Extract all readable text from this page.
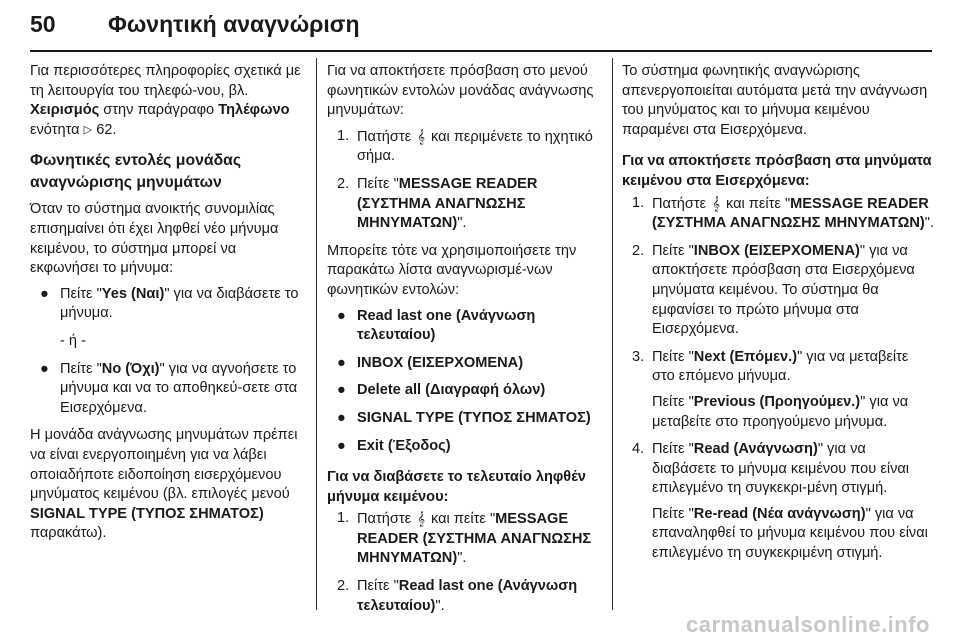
50	Φωνητική αναγνώριση

Για περισσότερες πληροφορίες σχετικά με τη λειτουργία του τηλεφώ-νου, βλ. Χειρισμός στην παράγραφο Τηλέφωνο ενότητα ▷ 62.

Φωνητικές εντολές μονάδας αναγνώρισης μηνυμάτων

Όταν το σύστημα ανοικτής συνομιλίας επισημαίνει ότι έχει ληφθεί νέο μήνυμα κειμένου, το σύστημα μπορεί να εκφωνήσει το μήνυμα:

● Πείτε "Yes (Ναι)" για να διαβάσετε το μήνυμα.
- ή -
● Πείτε "No (Όχι)" για να αγνοήσετε το μήνυμα και να το αποθηκεύ-σετε στα Εισερχόμενα.

Η μονάδα ανάγνωσης μηνυμάτων πρέπει να είναι ενεργοποιημένη για να λάβει οποιαδήποτε ειδοποίηση εισερχόμενου μηνύματος κειμένου (βλ. επιλογές μενού SIGNAL TYPE (ΤΥΠΟΣ ΣΗΜΑΤΟΣ) παρακάτω).

Για να αποκτήσετε πρόσβαση στο μενού φωνητικών εντολών μονάδας ανάγνωσης μηνυμάτων:

1. Πατήστε 𝄞 και περιμένετε το ηχητικό σήμα.
2. Πείτε "MESSAGE READER (ΣΥΣΤΗΜΑ ΑΝΑΓΝΩΣΗΣ ΜΗΝΥΜΑΤΩΝ)".

Μπορείτε τότε να χρησιμοποιήσετε την παρακάτω λίστα αναγνωρισμέ-νων φωνητικών εντολών:

● Read last one (Ανάγνωση τελευταίου)
● INBOX (ΕΙΣΕΡΧΟΜΕΝΑ)
● Delete all (Διαγραφή όλων)
● SIGNAL TYPE (ΤΥΠΟΣ ΣΗΜΑΤΟΣ)
● Exit (Έξοδος)

Για να διαβάσετε το τελευταίο ληφθέν μήνυμα κειμένου:

1. Πατήστε 𝄞 και πείτε "MESSAGE READER (ΣΥΣΤΗΜΑ ΑΝΑΓΝΩΣΗΣ ΜΗΝΥΜΑΤΩΝ)".
2. Πείτε "Read last one (Ανάγνωση τελευταίου)".

Το σύστημα φωνητικής αναγνώρισης απενεργοποιείται αυτόματα μετά την ανάγνωση του μηνύματος και το μήνυμα κειμένου παραμένει στα Εισερχόμενα.

Για να αποκτήσετε πρόσβαση στα μηνύματα κειμένου στα Εισερχόμενα:

1. Πατήστε 𝄞 και πείτε "MESSAGE READER (ΣΥΣΤΗΜΑ ΑΝΑΓΝΩΣΗΣ ΜΗΝΥΜΑΤΩΝ)".
2. Πείτε "INBOX (ΕΙΣΕΡΧΟΜΕΝΑ)" για να αποκτήσετε πρόσβαση στα Εισερχόμενα μηνύματα κειμένου. Το σύστημα θα εμφανίσει το πρώτο μήνυμα στα Εισερχόμενα.
3. Πείτε "Next (Επόμεν.)" για να μεταβείτε στο επόμενο μήνυμα.

Πείτε "Previous (Προηγούμεν.)" για να μεταβείτε στο προηγούμενο μήνυμα.

4. Πείτε "Read (Ανάγνωση)" για να διαβάσετε το μήνυμα κειμένου που είναι επιλεγμένο τη συγκεκρι-μένη στιγμή.

Πείτε "Re-read (Νέα ανάγνωση)" για να επαναληφθεί το μήνυμα κειμένου που είναι επιλεγμένο τη συγκεκριμένη στιγμή.

carmanualsonline.info
